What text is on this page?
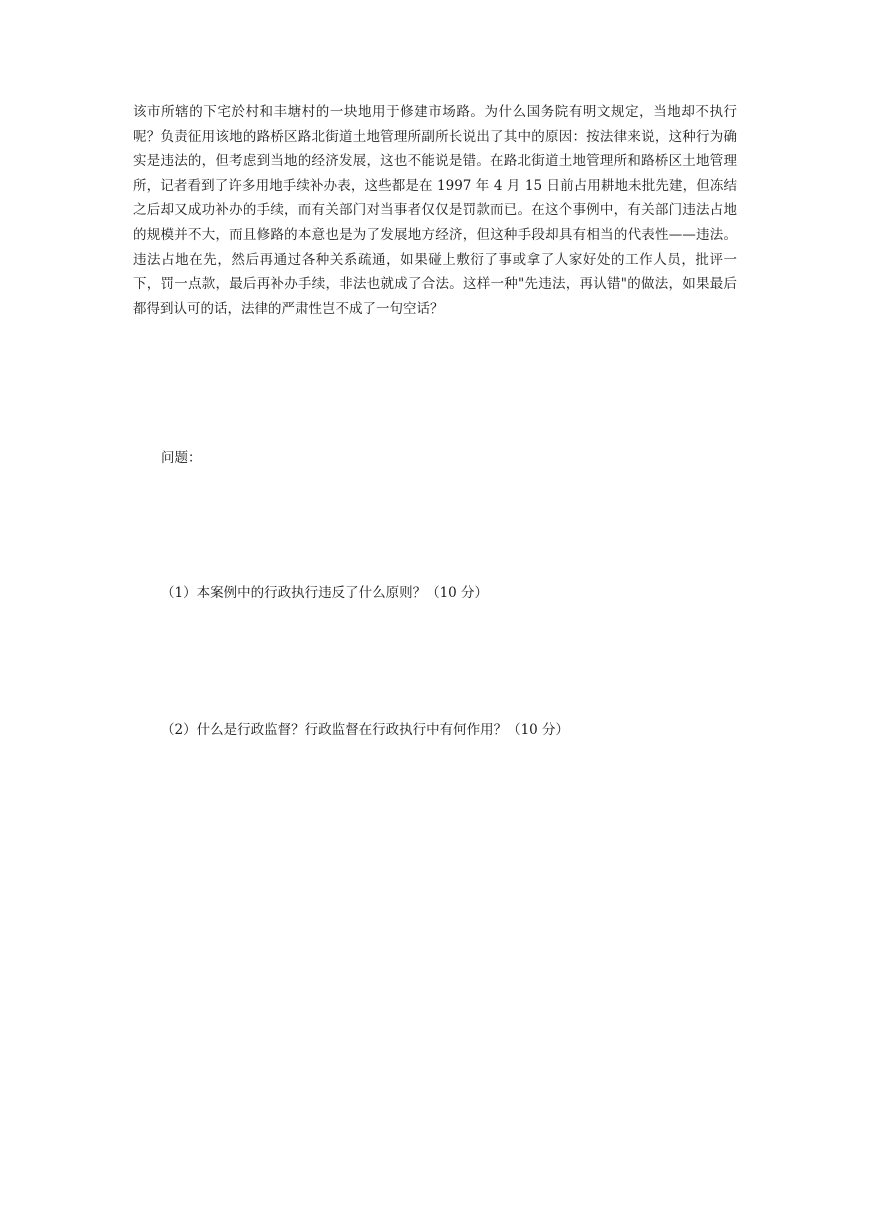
该市所辖的下宅於村和丰塘村的一块地用于修建市场路。为什么国务院有明文规定，当地却不执行呢？负责征用该地的路桥区路北街道土地管理所副所长说出了其中的原因：按法律来说，这种行为确实是违法的，但考虑到当地的经济发展，这也不能说是错。在路北街道土地管理所和路桥区土地管理所，记者看到了许多用地手续补办表，这些都是在 1997 年 4 月 15 日前占用耕地未批先建，但冻结之后却又成功补办的手续，而有关部门对当事者仅仅是罚款而已。在这个事例中，有关部门违法占地的规模并不大，而且修路的本意也是为了发展地方经济，但这种手段却具有相当的代表性——违法。违法占地在先，然后再通过各种关系疏通，如果碰上敷衍了事或拿了人家好处的工作人员，批评一下，罚一点款，最后再补办手续，非法也就成了合法。这样一种"先违法，再认错"的做法，如果最后都得到认可的话，法律的严肃性岂不成了一句空话？

问题：

（1）本案例中的行政执行违反了什么原则？（10 分）

（2）什么是行政监督？行政监督在行政执行中有何作用？（10 分）
